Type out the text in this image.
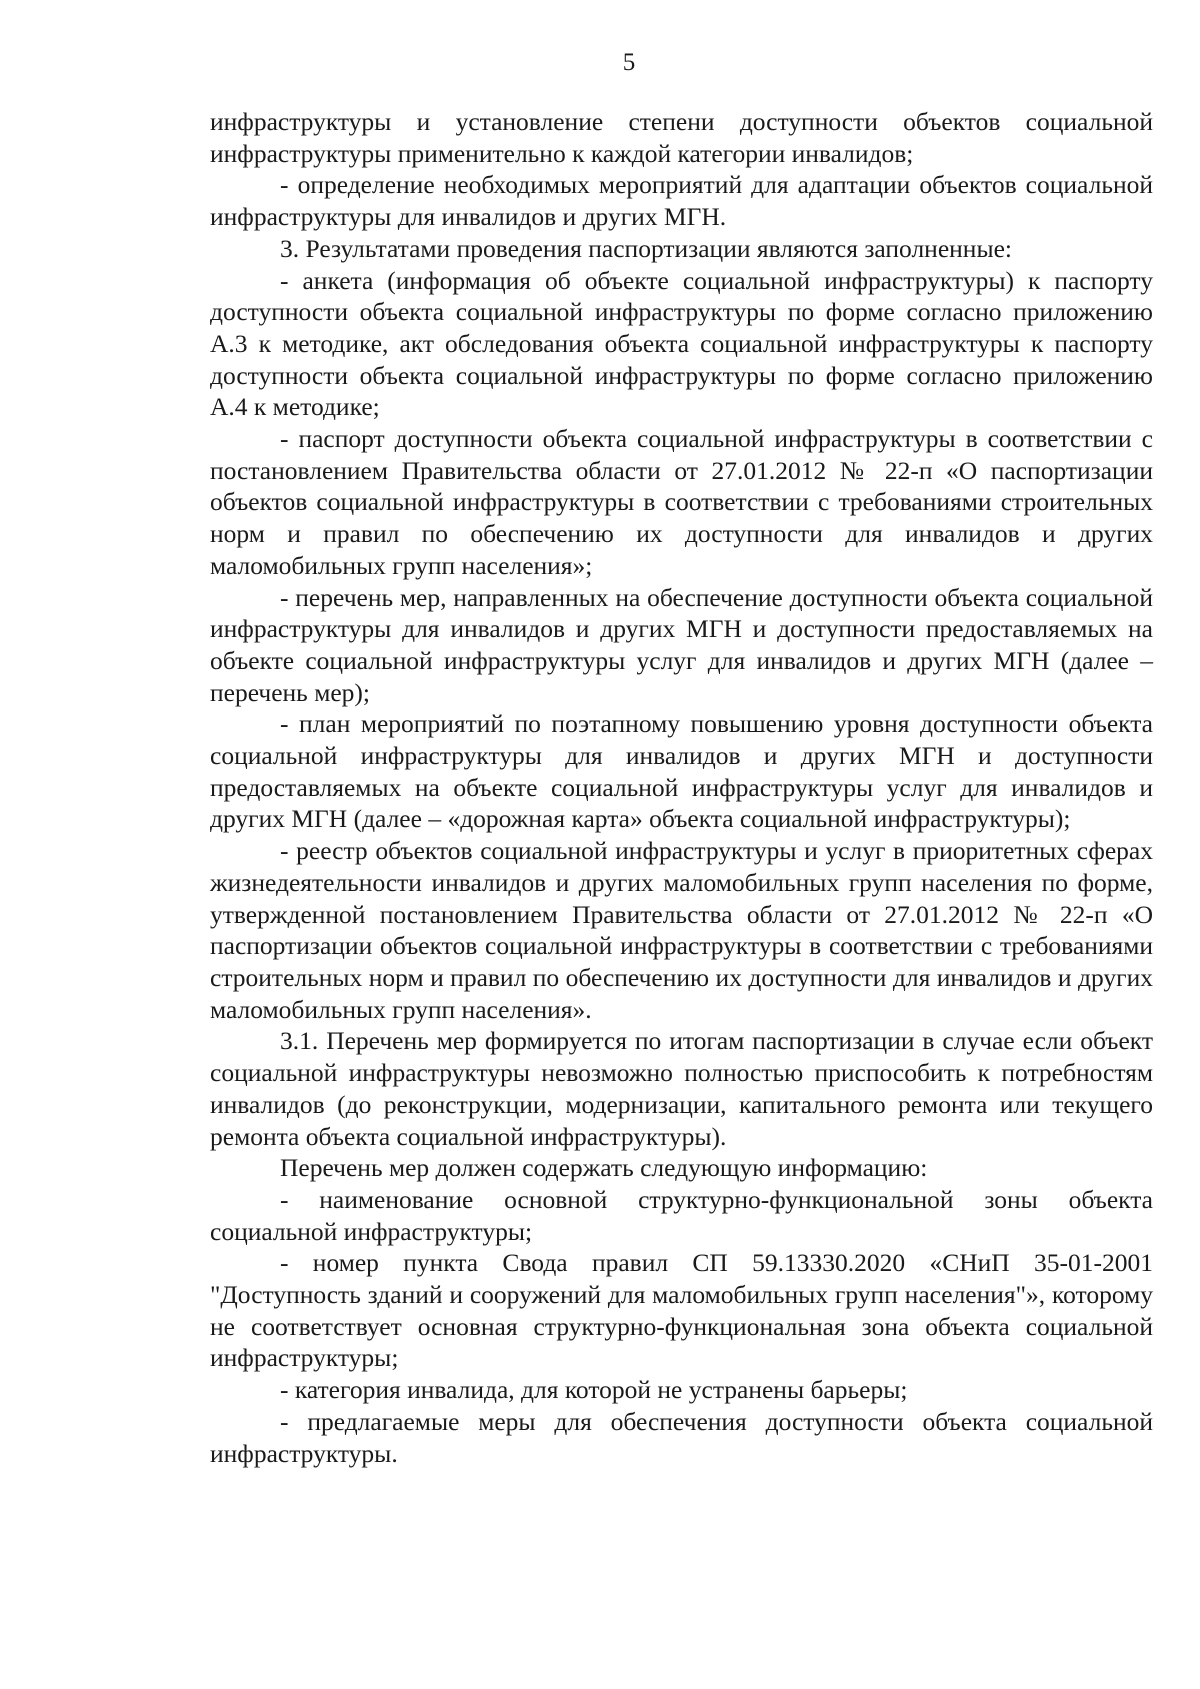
5

инфраструктуры и установление степени доступности объектов социальной инфраструктуры применительно к каждой категории инвалидов;

- определение необходимых мероприятий для адаптации объектов социальной инфраструктуры для инвалидов и других МГН.

3. Результатами проведения паспортизации являются заполненные:

- анкета (информация об объекте социальной инфраструктуры) к паспорту доступности объекта социальной инфраструктуры по форме согласно приложению А.3 к методике, акт обследования объекта социальной инфраструктуры к паспорту доступности объекта социальной инфраструктуры по форме согласно приложению А.4 к методике;

- паспорт доступности объекта социальной инфраструктуры в соответствии с постановлением Правительства области от 27.01.2012 № 22-п «О паспортизации объектов социальной инфраструктуры в соответствии с требованиями строительных норм и правил по обеспечению их доступности для инвалидов и других маломобильных групп населения»;

- перечень мер, направленных на обеспечение доступности объекта социальной инфраструктуры для инвалидов и других МГН и доступности предоставляемых на объекте социальной инфраструктуры услуг для инвалидов и других МГН (далее – перечень мер);

- план мероприятий по поэтапному повышению уровня доступности объекта социальной инфраструктуры для инвалидов и других МГН и доступности предоставляемых на объекте социальной инфраструктуры услуг для инвалидов и других МГН (далее – «дорожная карта» объекта социальной инфраструктуры);

- реестр объектов социальной инфраструктуры и услуг в приоритетных сферах жизнедеятельности инвалидов и других маломобильных групп населения по форме, утвержденной постановлением Правительства области от 27.01.2012 № 22-п «О паспортизации объектов социальной инфраструктуры в соответствии с требованиями строительных норм и правил по обеспечению их доступности для инвалидов и других маломобильных групп населения».

3.1. Перечень мер формируется по итогам паспортизации в случае если объект социальной инфраструктуры невозможно полностью приспособить к потребностям инвалидов (до реконструкции, модернизации, капитального ремонта или текущего ремонта объекта социальной инфраструктуры).

Перечень мер должен содержать следующую информацию:

- наименование основной структурно-функциональной зоны объекта социальной инфраструктуры;

- номер пункта Свода правил СП 59.13330.2020 «СНиП 35-01-2001 "Доступность зданий и сооружений для маломобильных групп населения"», которому не соответствует основная структурно-функциональная зона объекта социальной инфраструктуры;

- категория инвалида, для которой не устранены барьеры;

- предлагаемые меры для обеспечения доступности объекта социальной инфраструктуры.
